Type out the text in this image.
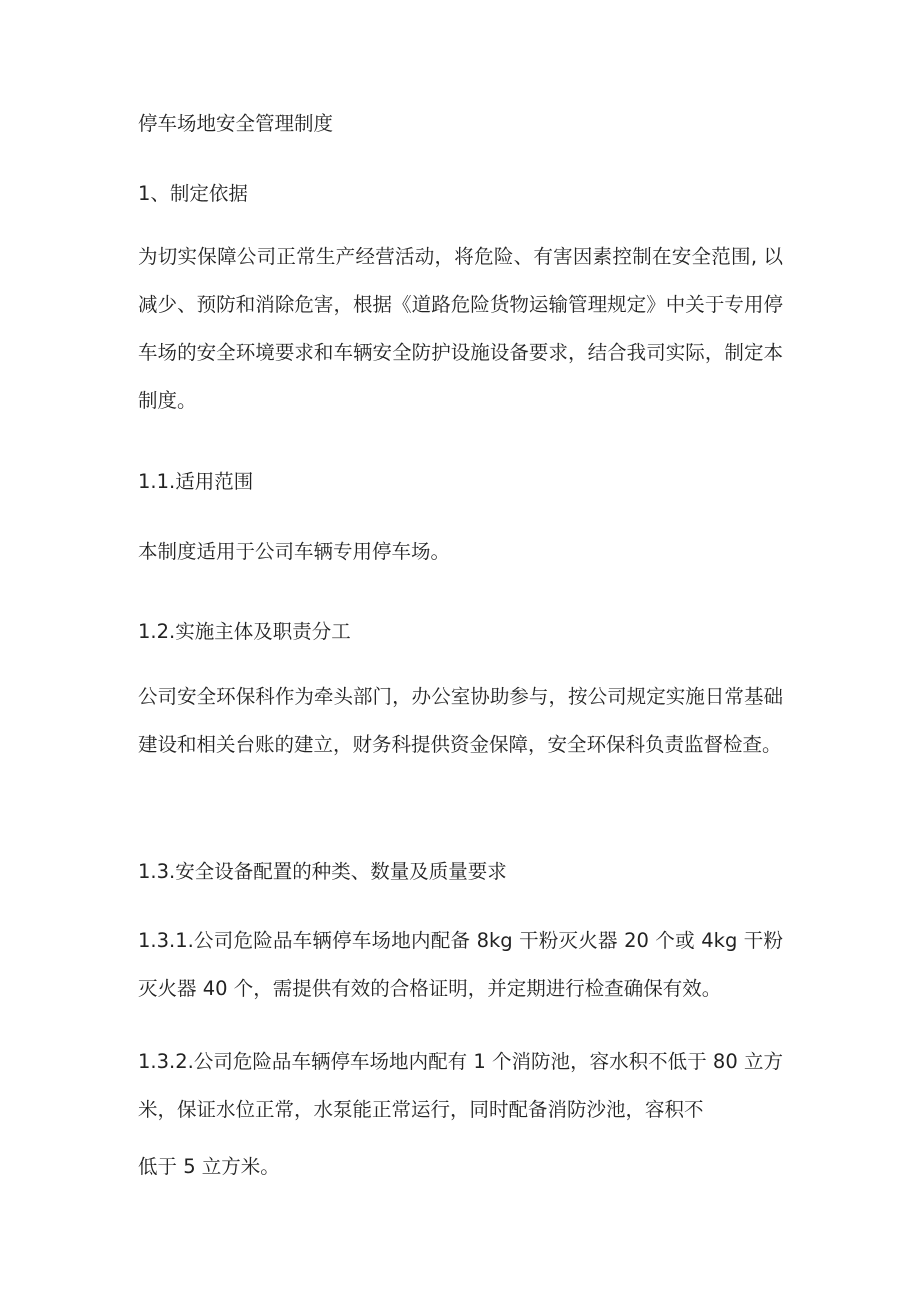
停车场地安全管理制度
1、制定依据
为切实保障公司正常生产经营活动，将危险、有害因素控制在安全范围, 以减少、预防和消除危害，根据《道路危险货物运输管理规定》中关于专用停车场的安全环境要求和车辆安全防护设施设备要求，结合我司实际，制定本制度。
1.1.适用范围
本制度适用于公司车辆专用停车场。
1.2.实施主体及职责分工
公司安全环保科作为牵头部门，办公室协助参与，按公司规定实施日常基础建设和相关台账的建立，财务科提供资金保障，安全环保科负责监督检查。
1.3.安全设备配置的种类、数量及质量要求
1.3.1.公司危险品车辆停车场地内配备 8kg 干粉灭火器 20 个或 4kg 干粉灭火器 40 个，需提供有效的合格证明，并定期进行检查确保有效。
1.3.2.公司危险品车辆停车场地内配有 1 个消防池，容水积不低于 80 立方米，保证水位正常，水泵能正常运行，同时配备消防沙池，容积不
低于 5 立方米。
